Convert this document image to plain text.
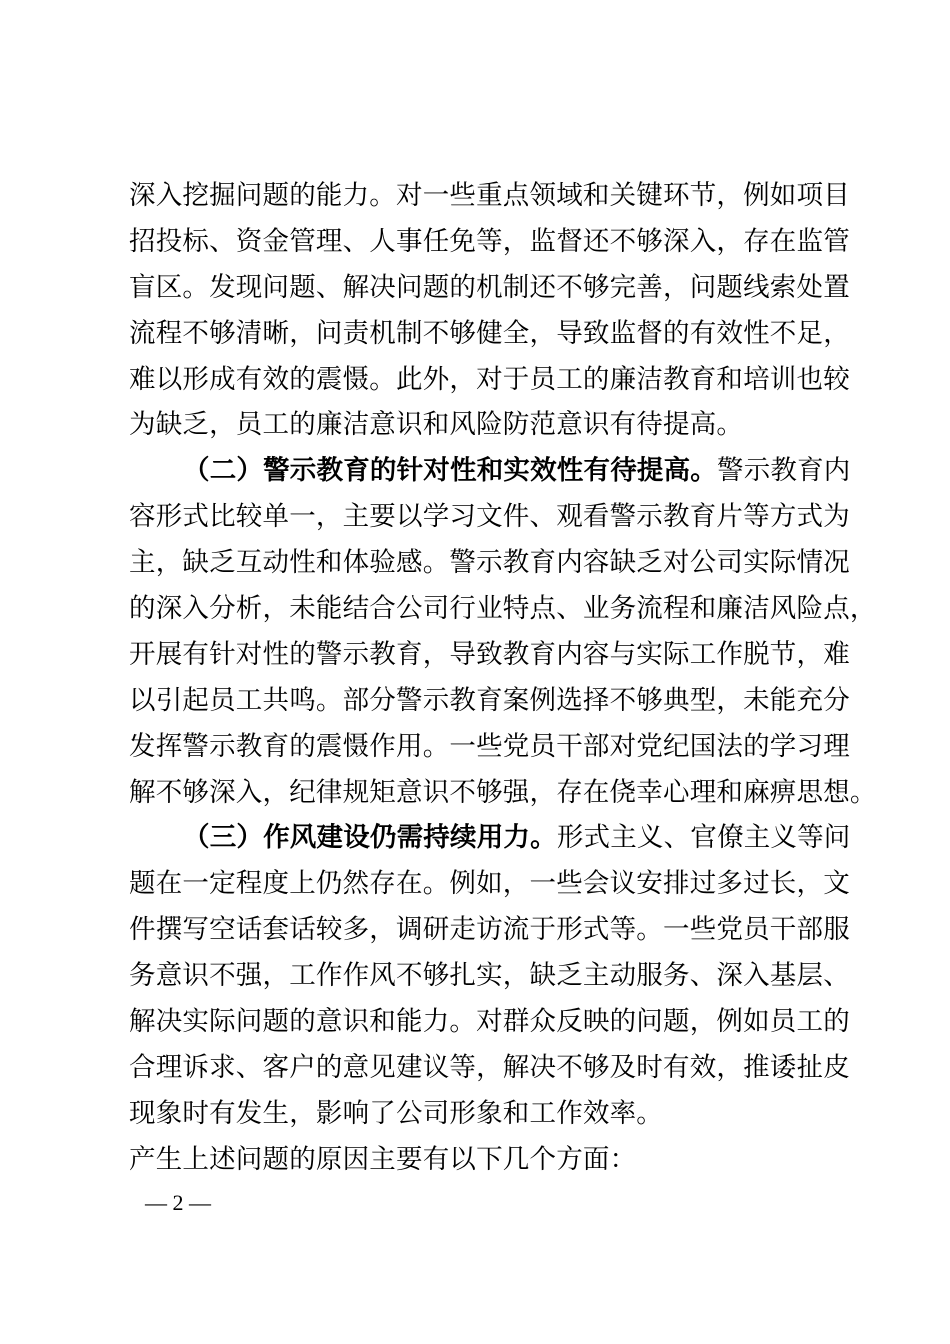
深入挖掘问题的能力。对一些重点领域和关键环节，例如项目
招投标、资金管理、人事任免等，监督还不够深入，存在监管
盲区。发现问题、解决问题的机制还不够完善，问题线索处置
流程不够清晰，问责机制不够健全，导致监督的有效性不足，
难以形成有效的震慑。此外，对于员工的廉洁教育和培训也较
为缺乏，员工的廉洁意识和风险防范意识有待提高。
（二）警示教育的针对性和实效性有待提高。警示教育内
容形式比较单一，主要以学习文件、观看警示教育片等方式为
主，缺乏互动性和体验感。警示教育内容缺乏对公司实际情况
的深入分析，未能结合公司行业特点、业务流程和廉洁风险点，
开展有针对性的警示教育，导致教育内容与实际工作脱节，难
以引起员工共鸣。部分警示教育案例选择不够典型，未能充分
发挥警示教育的震慑作用。一些党员干部对党纪国法的学习理
解不够深入，纪律规矩意识不够强，存在侥幸心理和麻痹思想。
（三）作风建设仍需持续用力。形式主义、官僚主义等问
题在一定程度上仍然存在。例如，一些会议安排过多过长，文
件撰写空话套话较多，调研走访流于形式等。一些党员干部服
务意识不强，工作作风不够扎实，缺乏主动服务、深入基层、
解决实际问题的意识和能力。对群众反映的问题，例如员工的
合理诉求、客户的意见建议等，解决不够及时有效，推诿扯皮
现象时有发生，影响了公司形象和工作效率。
产生上述问题的原因主要有以下几个方面：
— 2 —
